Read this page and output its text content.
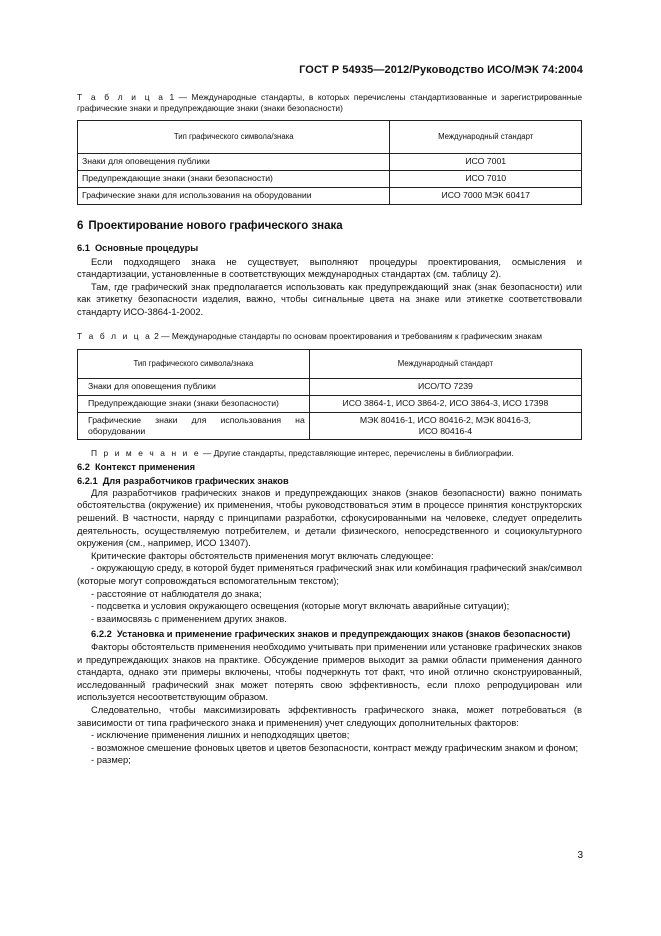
ГОСТ Р 54935—2012/Руководство ИСО/МЭК 74:2004
Т а б л и ц а 1 — Международные стандарты, в которых перечислены стандартизованные и зарегистрированные графические знаки и предупреждающие знаки (знаки безопасности)
Тип графического символа/знака	Международный стандарт
Знаки для оповещения публики	ИСО 7001
Предупреждающие знаки (знаки безопасности)	ИСО 7010
Графические знаки для использования на оборудовании	ИСО 7000 МЭК 60417
6 Проектирование нового графического знака
6.1 Основные процедуры

Если подходящего знака не существует, выполняют процедуры проектирования, осмысления и стандартизации, установленные в соответствующих международных стандартах (см. таблицу 2).

Там, где графический знак предполагается использовать как предупреждающий знак (знак безопасности) или как этикетку безопасности изделия, важно, чтобы сигнальные цвета на знаке или этикетке соответствовали стандарту ИСО-3864-1-2002.

Т а б л и ц а 2 — Международные стандарты по основам проектирования и требованиям к графическим знакам
Тип графического символа/знака	Международный стандарт
Знаки для оповещения публики	ИСО/ТО 7239
Предупреждающие знаки (знаки безопасности)	ИСО 3864-1, ИСО 3864-2, ИСО 3864-3, ИСО 17398
Графические знаки для использования на оборудовании	МЭК 80416-1, ИСО 80416-2, МЭК 80416-3,
ИСО 80416-4

П р и м е ч а н и е — Другие стандарты, представляющие интерес, перечислены в библиографии.

6.2 Контекст применения
6.2.1 Для разработчиков графических знаков

Для разработчиков графических знаков и предупреждающих знаков (знаков безопасности) важно понимать обстоятельства (окружение) их применения, чтобы руководствоваться этим в процессе принятия конструкторских решений. В частности, наряду с принципами разработки, сфокусированными на человеке, следует определить деятельность, осуществляемую потребителем, и детали физического, непосредственного и социокультурного окружения (см., например, ИСО 13407).

Критические факторы обстоятельств применения могут включать следующее:

- окружающую среду, в которой будет применяться графический знак или комбинация графический знак/символ (которые могут сопровождаться вспомогательным текстом);

- расстояние от наблюдателя до знака;

- подсветка и условия окружающего освещения (которые могут включать аварийные ситуации);

- взаимосвязь с применением других знаков.

6.2.2 Установка и применение графических знаков и предупреждающих знаков (знаков безопасности)

Факторы обстоятельств применения необходимо учитывать при применении или установке графических знаков и предупреждающих знаков на практике. Обсуждение примеров выходит за рамки области применения данного стандарта, однако эти примеры включены, чтобы подчеркнуть тот факт, что иной отлично сконструированный, исследованный графический знак может потерять свою эффективность, если плохо репродуцирован или используется несоответствующим образом.

Следовательно, чтобы максимизировать эффективность графического знака, может потребоваться (в зависимости от типа графического знака и применения) учет следующих дополнительных факторов:

- исключение применения лишних и неподходящих цветов;

- возможное смешение фоновых цветов и цветов безопасности, контраст между графическим знаком и фоном;

- размер;

3
